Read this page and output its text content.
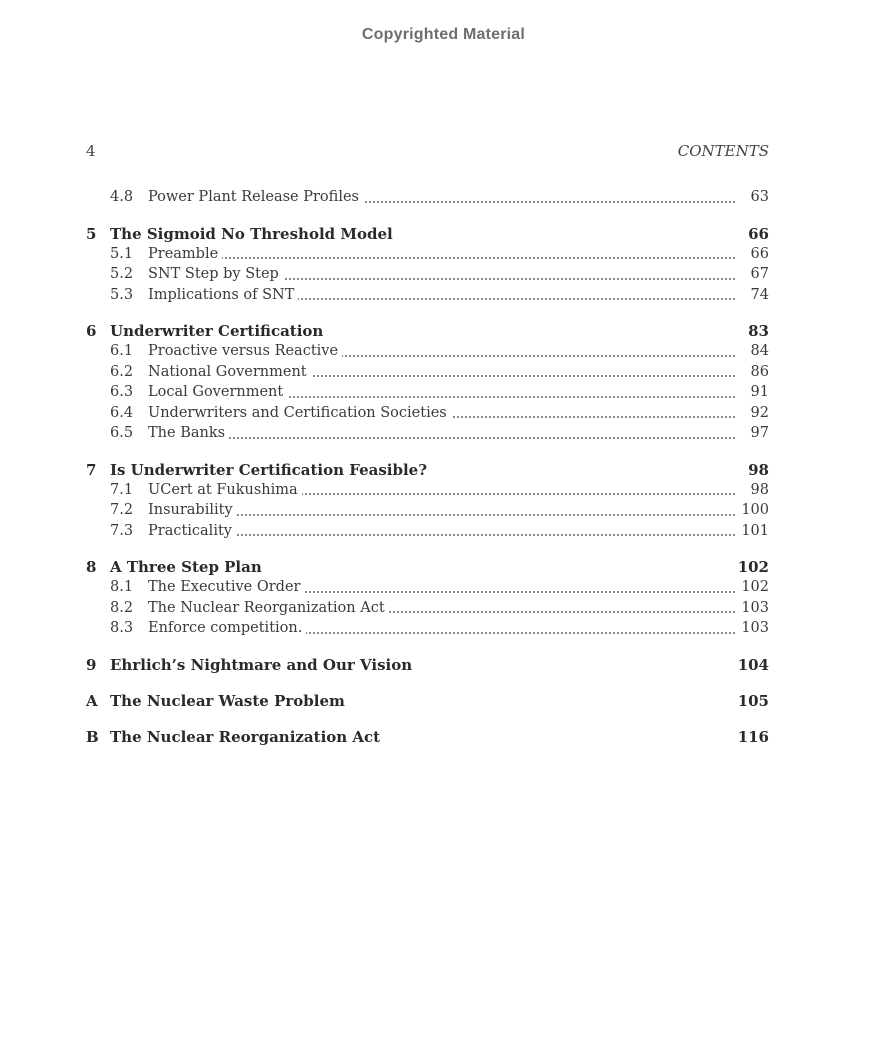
Copyrighted Material
4	CONTENTS
4.8 Power Plant Release Profiles	63
5 The Sigmoid No Threshold Model	66
5.1 Preamble	66
5.2 SNT Step by Step	67
5.3 Implications of SNT	74
6 Underwriter Certification	83
6.1 Proactive versus Reactive	84
6.2 National Government	86
6.3 Local Government	91
6.4 Underwriters and Certification Societies	92
6.5 The Banks	97
7 Is Underwriter Certification Feasible?	98
7.1 UCert at Fukushima	98
7.2 Insurability	100
7.3 Practicality	101
8 A Three Step Plan	102
8.1 The Executive Order	102
8.2 The Nuclear Reorganization Act	103
8.3 Enforce competition.	103
9 Ehrlich’s Nightmare and Our Vision	104
A The Nuclear Waste Problem	105
B The Nuclear Reorganization Act	116
